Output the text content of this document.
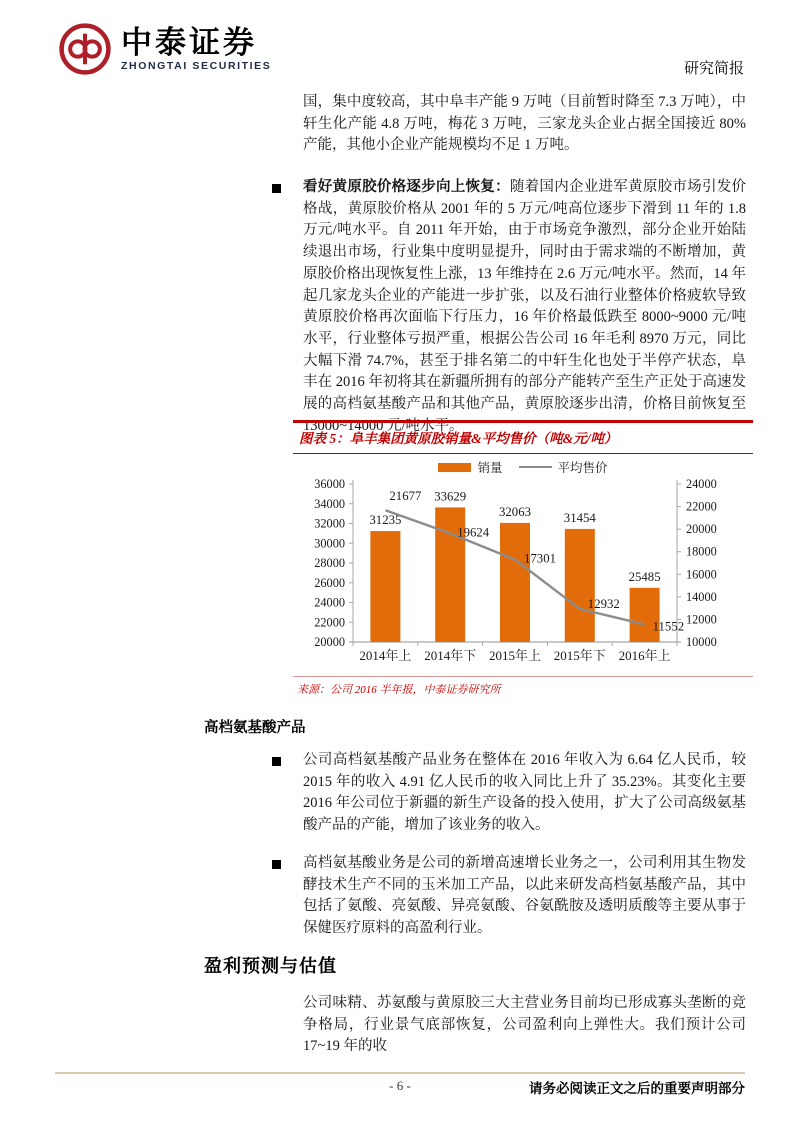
中泰证券
ZHONGTAI SECURITIES	研究简报

国，集中度较高，其中阜丰产能 9 万吨（目前暂时降至 7.3 万吨），中轩生化产能 4.8 万吨，梅花 3 万吨，三家龙头企业占据全国接近 80%产能，其他小企业产能规模均不足 1 万吨。

看好黄原胶价格逐步向上恢复：随着国内企业进军黄原胶市场引发价格战，黄原胶价格从 2001 年的 5 万元/吨高位逐步下滑到 11 年的 1.8 万元/吨水平。自 2011 年开始，由于市场竞争激烈，部分企业开始陆续退出市场，行业集中度明显提升，同时由于需求端的不断增加，黄原胶价格出现恢复性上涨，13 年维持在 2.6 万元/吨水平。然而，14 年起几家龙头企业的产能进一步扩张，以及石油行业整体价格疲软导致黄原胶价格再次面临下行压力，16 年价格最低跌至 8000~9000 元/吨水平，行业整体亏损严重，根据公告公司 16 年毛利 8970 万元，同比大幅下滑 74.7%，甚至于排名第二的中轩生化也处于半停产状态，阜丰在 2016 年初将其在新疆所拥有的部分产能转产至生产正处于高速发展的高档氨基酸产品和其他产品，黄原胶逐步出清，价格目前恢复至 13000~14000 元/吨水平。

图表 5：阜丰集团黄原胶销量&平均售价（吨&元/吨）
销量	平均售价
36000
34000
32000
30000
28000
26000
24000
22000
20000
24000
22000
20000
18000
16000
14000
12000
10000
2014年上 2014年下 2015年上 2015年下 2016年上
31235
33629
32063	31454
25485
21677
19624
17301
12932
11552
来源：公司 2016 半年报，中泰证券研究所
高档氨基酸产品

公司高档氨基酸产品业务在整体在 2016 年收入为 6.64 亿人民币，较 2015 年的收入 4.91 亿人民币的收入同比上升了 35.23%。其变化主要 2016 年公司位于新疆的新生产设备的投入使用，扩大了公司高级氨基酸产品的产能，增加了该业务的收入。

高档氨基酸业务是公司的新增高速增长业务之一，公司利用其生物发酵技术生产不同的玉米加工产品，以此来研发高档氨基酸产品，其中包括了氨酸、亮氨酸、异亮氨酸、谷氨酰胺及透明质酸等主要从事于保健医疗原料的高盈利行业。

盈利预测与估值

公司味精、苏氨酸与黄原胶三大主营业务目前均已形成寡头垄断的竞争格局，行业景气底部恢复，公司盈利向上弹性大。我们预计公司 17~19 年的收

- 6 -	请务必阅读正文之后的重要声明部分
